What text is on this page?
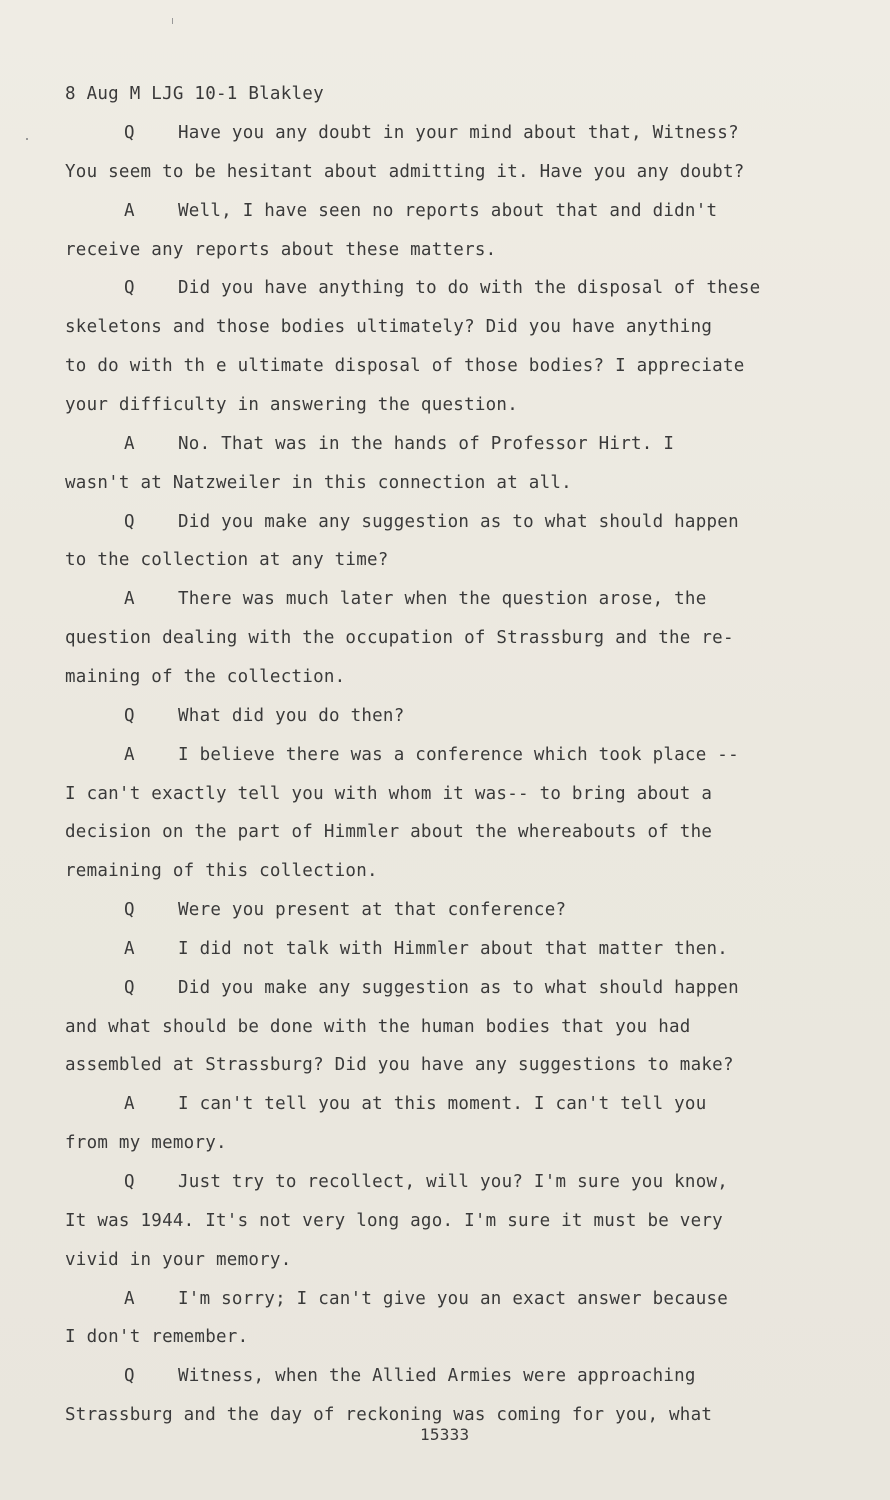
8 Aug M LJG 10-1 Blakley
Q Have you any doubt in your mind about that, Witness?
You seem to be hesitant about admitting it. Have you any doubt?
A Well, I have seen no reports about that and didn't
receive any reports about these matters.
Q Did you have anything to do with the disposal of these
skeletons and those bodies ultimately? Did you have anything
to do with th e ultimate disposal of those bodies? I appreciate
your difficulty in answering the question.
A No. That was in the hands of Professor Hirt. I
wasn't at Natzweiler in this connection at all.
Q Did you make any suggestion as to what should happen
to the collection at any time?
A There was much later when the question arose, the
question dealing with the occupation of Strassburg and the re-
maining of the collection.
Q What did you do then?
A I believe there was a conference which took place --
I can't exactly tell you with whom it was-- to bring about a
decision on the part of Himmler about the whereabouts of the
remaining of this collection.
Q Were you present at that conference?
A I did not talk with Himmler about that matter then.
Q Did you make any suggestion as to what should happen
and what should be done with the human bodies that you had
assembled at Strassburg? Did you have any suggestions to make?
A I can't tell you at this moment. I can't tell you
from my memory.
Q Just try to recollect, will you? I'm sure you know,
It was 1944. It's not very long ago. I'm sure it must be very
vivid in your memory.
A I'm sorry; I can't give you an exact answer because
I don't remember.
Q Witness, when the Allied Armies were approaching
Strassburg and the day of reckoning was coming for you, what
15333
